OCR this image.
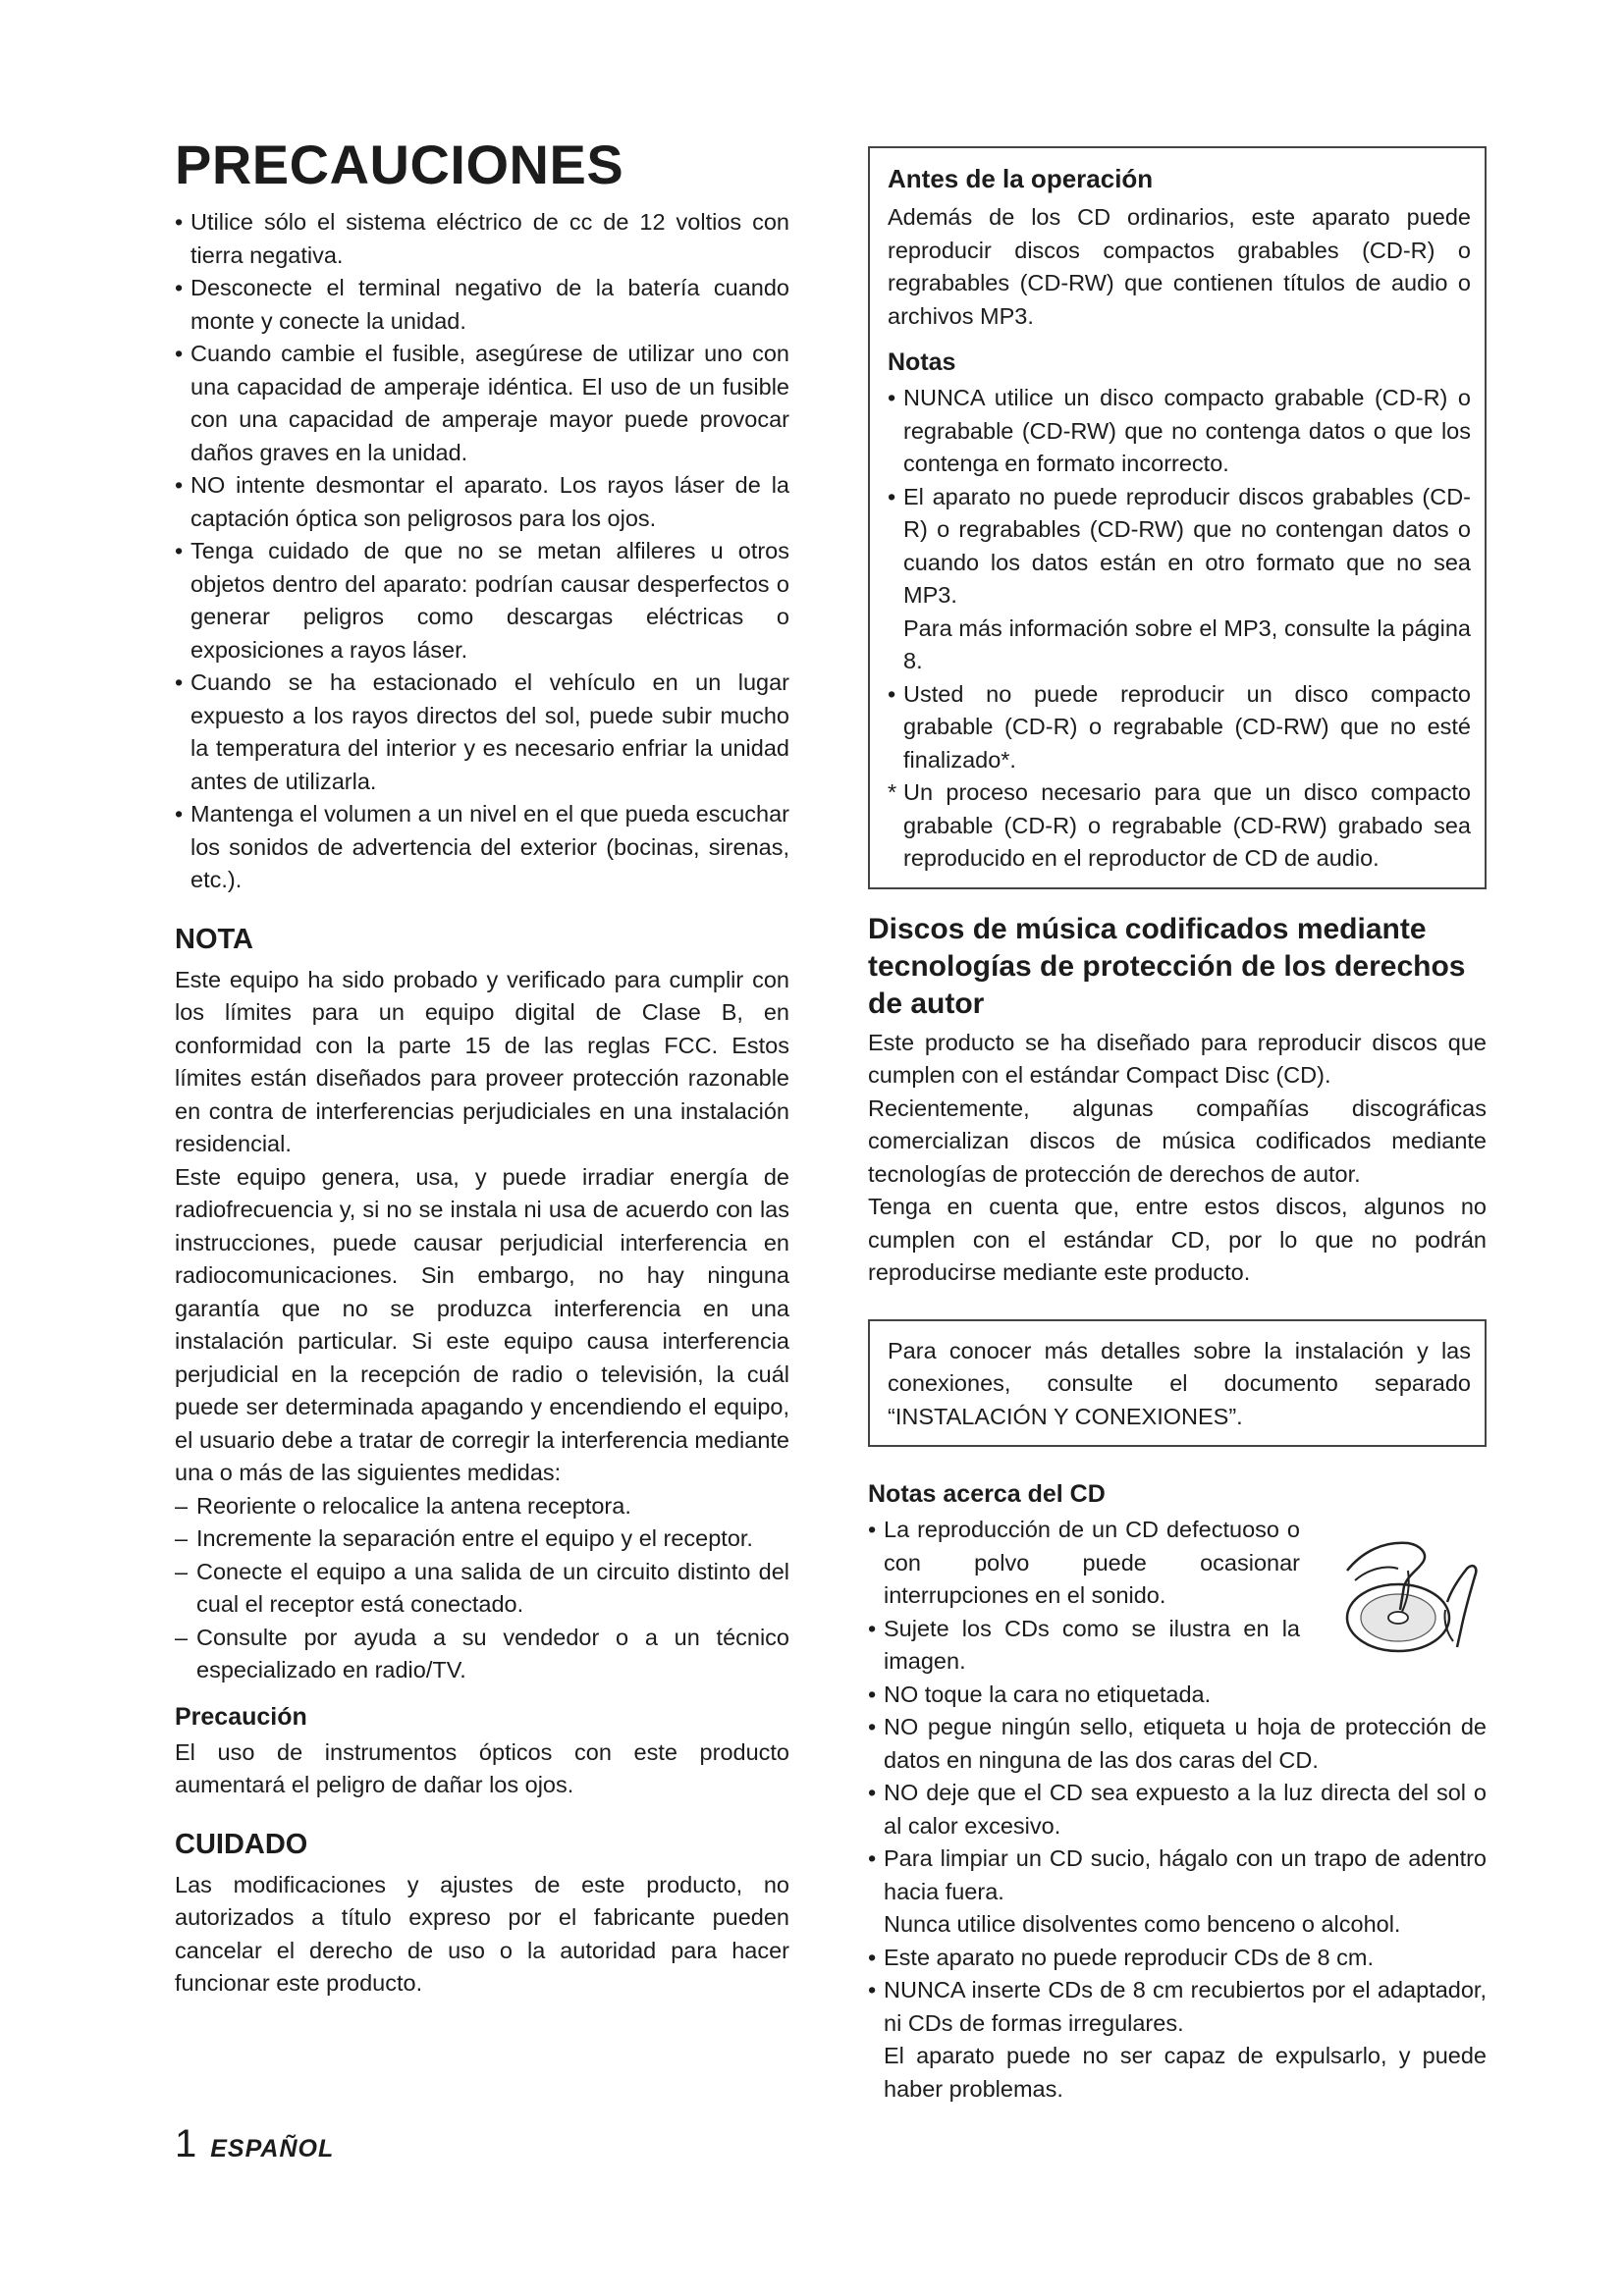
PRECAUCIONES
• Utilice sólo el sistema eléctrico de cc de 12 voltios con tierra negativa.
• Desconecte el terminal negativo de la batería cuando monte y conecte la unidad.
• Cuando cambie el fusible, asegúrese de utilizar uno con una capacidad de amperaje idéntica. El uso de un fusible con una capacidad de amperaje mayor puede provocar daños graves en la unidad.
• NO intente desmontar el aparato. Los rayos láser de la captación óptica son peligrosos para los ojos.
• Tenga cuidado de que no se metan alfileres u otros objetos dentro del aparato: podrían causar desperfectos o generar peligros como descargas eléctricas o exposiciones a rayos láser.
• Cuando se ha estacionado el vehículo en un lugar expuesto a los rayos directos del sol, puede subir mucho la temperatura del interior y es necesario enfriar la unidad antes de utilizarla.
• Mantenga el volumen a un nivel en el que pueda escuchar los sonidos de advertencia del exterior (bocinas, sirenas, etc.).
NOTA

Este equipo ha sido probado y verificado para cumplir con los límites para un equipo digital de Clase B, en conformidad con la parte 15 de las reglas FCC. Estos límites están diseñados para proveer protección razonable en contra de interferencias perjudiciales en una instalación residencial.

Este equipo genera, usa, y puede irradiar energía de radiofrecuencia y, si no se instala ni usa de acuerdo con las instrucciones, puede causar perjudicial interferencia en radiocomunicaciones. Sin embargo, no hay ninguna garantía que no se produzca interferencia en una instalación particular. Si este equipo causa interferencia perjudicial en la recepción de radio o televisión, la cuál puede ser determinada apagando y encendiendo el equipo, el usuario debe a tratar de corregir la interferencia mediante una o más de las siguientes medidas:

– Reoriente o relocalice la antena receptora.
– Incremente la separación entre el equipo y el receptor.
– Conecte el equipo a una salida de un circuito distinto del cual el receptor está conectado.
– Consulte por ayuda a su vendedor o a un técnico especializado en radio/TV.
Precaución

El uso de instrumentos ópticos con este producto aumentará el peligro de dañar los ojos.

CUIDADO

Las modificaciones y ajustes de este producto, no autorizados a título expreso por el fabricante pueden cancelar el derecho de uso o la autoridad para hacer funcionar este producto.

Antes de la operación

Además de los CD ordinarios, este aparato puede reproducir discos compactos grabables (CD-R) o regrabables (CD-RW) que contienen títulos de audio o archivos MP3.

Notas
• NUNCA utilice un disco compacto grabable (CD-R) o regrabable (CD-RW) que no contenga datos o que los contenga en formato incorrecto.
• El aparato no puede reproducir discos grabables (CD-R) o regrabables (CD-RW) que no contengan datos o cuando los datos están en otro formato que no sea MP3.
Para más información sobre el MP3, consulte la página 8.
• Usted no puede reproducir un disco compacto grabable (CD-R) o regrabable (CD-RW) que no esté finalizado*.
* Un proceso necesario para que un disco compacto grabable (CD-R) o regrabable (CD-RW) grabado sea reproducido en el reproductor de CD de audio.
Discos de música codificados mediante tecnologías de protección de los derechos de autor

Este producto se ha diseñado para reproducir discos que cumplen con el estándar Compact Disc (CD).

Recientemente, algunas compañías discográficas comercializan discos de música codificados mediante tecnologías de protección de derechos de autor.

Tenga en cuenta que, entre estos discos, algunos no cumplen con el estándar CD, por lo que no podrán reproducirse mediante este producto.

Para conocer más detalles sobre la instalación y las conexiones, consulte el documento separado “INSTALACIÓN Y CONEXIONES”.

Notas acerca del CD
• La reproducción de un CD defectuoso o con polvo puede ocasionar interrupciones en el sonido.
• Sujete los CDs como se ilustra en la imagen.
• NO toque la cara no etiquetada.
• NO pegue ningún sello, etiqueta u hoja de protección de datos en ninguna de las dos caras del CD.
• NO deje que el CD sea expuesto a la luz directa del sol o al calor excesivo.
• Para limpiar un CD sucio, hágalo con un trapo de adentro hacia fuera.
Nunca utilice disolventes como benceno o alcohol.
• Este aparato no puede reproducir CDs de 8 cm.
• NUNCA inserte CDs de 8 cm recubiertos por el adaptador, ni CDs de formas irregulares.
El aparato puede no ser capaz de expulsarlo, y puede haber problemas.
1 ESPAÑOL
